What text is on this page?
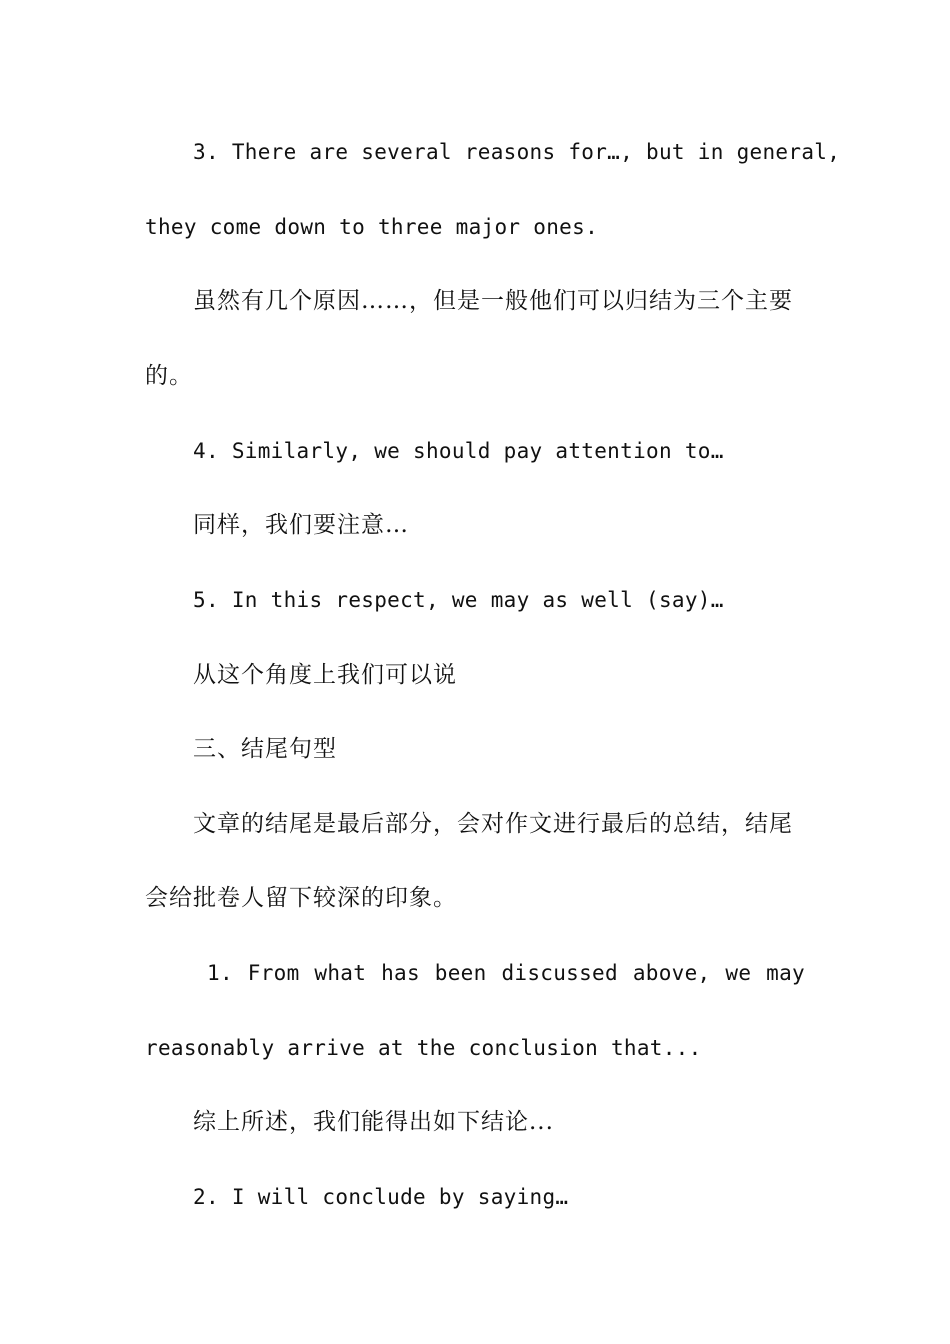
3. There are several reasons for…, but in general,
they come down to three major ones.
虽然有几个原因……，但是一般他们可以归结为三个主要
的。
4. Similarly, we should pay attention to…
同样，我们要注意…
5. In this respect, we may as well (say)…
从这个角度上我们可以说
三、结尾句型
文章的结尾是最后部分，会对作文进行最后的总结，结尾
会给批卷人留下较深的印象。
1. From what has been discussed above, we may
reasonably arrive at the conclusion that...
综上所述，我们能得出如下结论...
2. I will conclude by saying…
